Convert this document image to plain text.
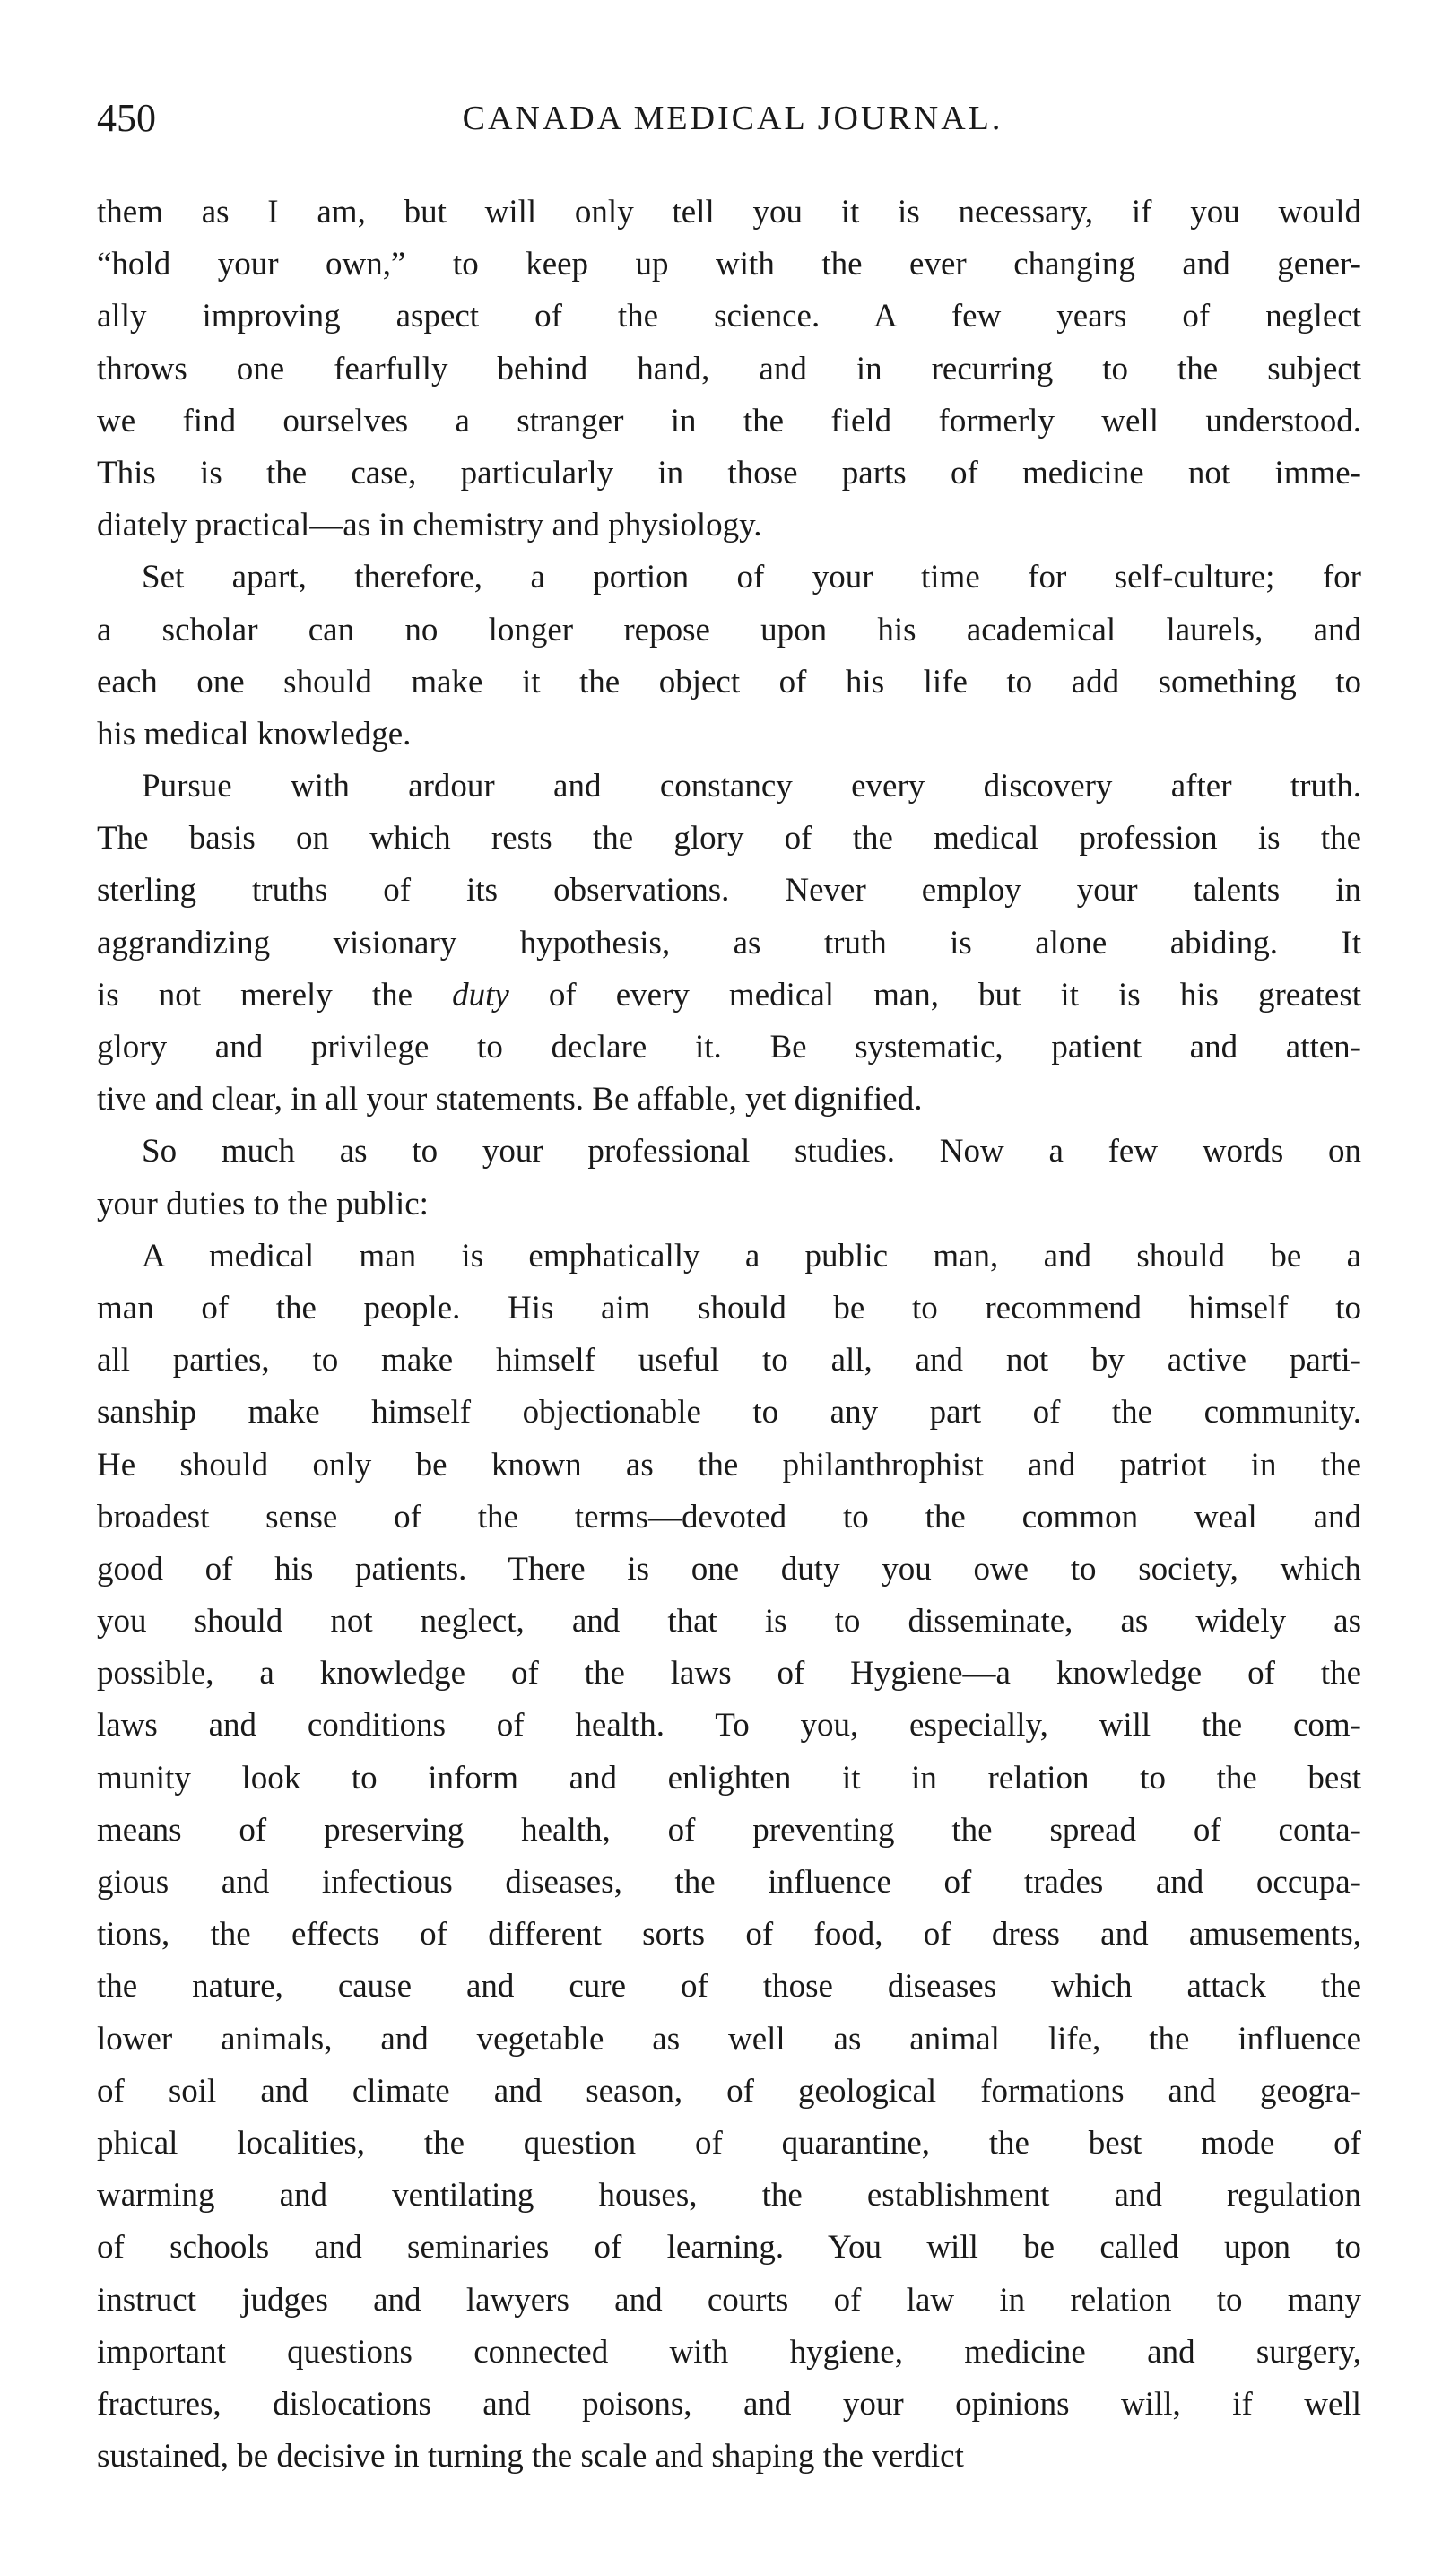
450	CANADA MEDICAL JOURNAL.
them as I am, but will only tell you it is necessary, if you would
“hold your own,” to keep up with the ever changing and gener-
ally improving aspect of the science. A few years of neglect
throws one fearfully behind hand, and in recurring to the subject
we find ourselves a stranger in the field formerly well understood.
This is the case, particularly in those parts of medicine not imme-
diately practical—as in chemistry and physiology.
Set apart, therefore, a portion of your time for self-culture; for
a scholar can no longer repose upon his academical laurels, and
each one should make it the object of his life to add something to
his medical knowledge.
Pursue with ardour and constancy every discovery after truth.
The basis on which rests the glory of the medical profession is the
sterling truths of its observations. Never employ your talents in
aggrandizing visionary hypothesis, as truth is alone abiding. It
is not merely the duty of every medical man, but it is his greatest
glory and privilege to declare it. Be systematic, patient and atten-
tive and clear, in all your statements. Be affable, yet dignified.
So much as to your professional studies. Now a few words on
your duties to the public:
A medical man is emphatically a public man, and should be a
man of the people. His aim should be to recommend himself to
all parties, to make himself useful to all, and not by active parti-
sanship make himself objectionable to any part of the community.
He should only be known as the philanthrophist and patriot in the
broadest sense of the terms—devoted to the common weal and
good of his patients. There is one duty you owe to society, which
you should not neglect, and that is to disseminate, as widely as
possible, a knowledge of the laws of Hygiene—a knowledge of the
laws and conditions of health. To you, especially, will the com-
munity look to inform and enlighten it in relation to the best
means of preserving health, of preventing the spread of conta-
gious and infectious diseases, the influence of trades and occupa-
tions, the effects of different sorts of food, of dress and amusements,
the nature, cause and cure of those diseases which attack the
lower animals, and vegetable as well as animal life, the influence
of soil and climate and season, of geological formations and geogra-
phical localities, the question of quarantine, the best mode of
warming and ventilating houses, the establishment and regulation
of schools and seminaries of learning. You will be called upon to
instruct judges and lawyers and courts of law in relation to many
important questions connected with hygiene, medicine and surgery,
fractures, dislocations and poisons, and your opinions will, if well
sustained, be decisive in turning the scale and shaping the verdict
